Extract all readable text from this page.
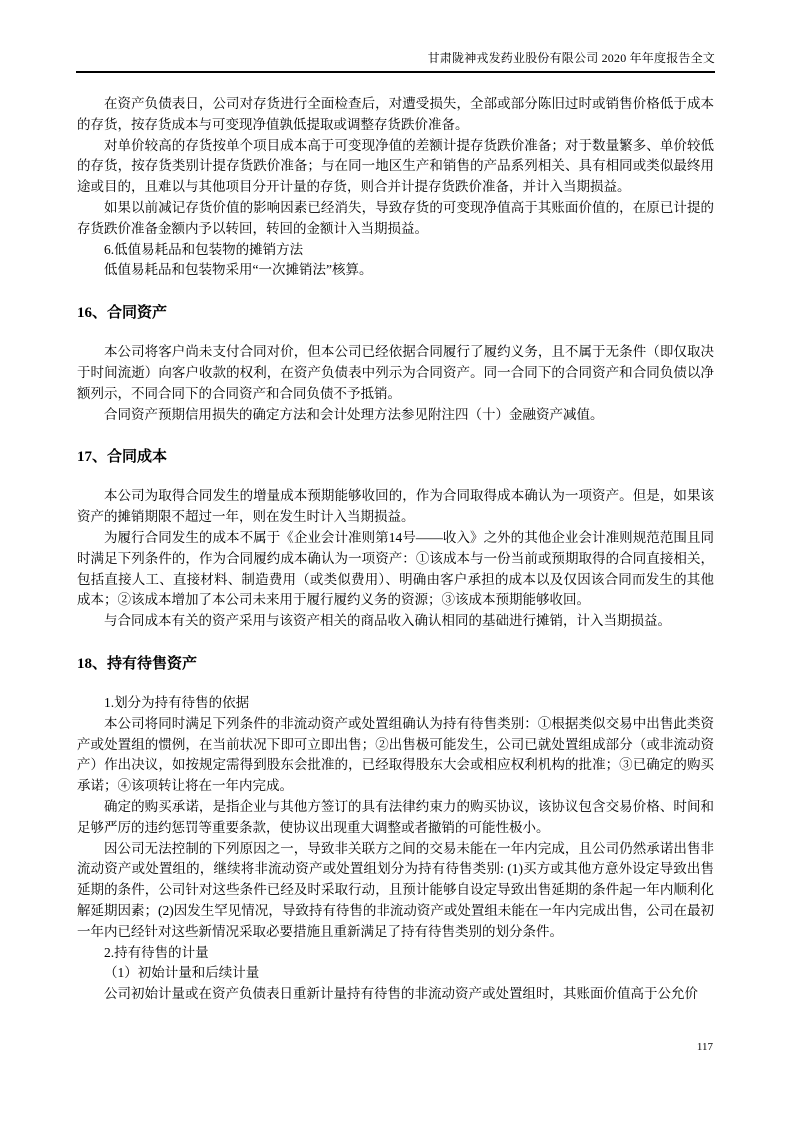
甘肃陇神戎发药业股份有限公司 2020 年年度报告全文

在资产负债表日，公司对存货进行全面检查后，对遭受损失，全部或部分陈旧过时或销售价格低于成本的存货，按存货成本与可变现净值孰低提取或调整存货跌价准备。

对单价较高的存货按单个项目成本高于可变现净值的差额计提存货跌价准备；对于数量繁多、单价较低的存货，按存货类别计提存货跌价准备；与在同一地区生产和销售的产品系列相关、具有相同或类似最终用途或目的，且难以与其他项目分开计量的存货，则合并计提存货跌价准备，并计入当期损益。

如果以前减记存货价值的影响因素已经消失，导致存货的可变现净值高于其账面价值的，在原已计提的存货跌价准备金额内予以转回，转回的金额计入当期损益。

6.低值易耗品和包装物的摊销方法

低值易耗品和包装物采用“一次摊销法”核算。

16、合同资产

本公司将客户尚未支付合同对价，但本公司已经依据合同履行了履约义务，且不属于无条件（即仅取决于时间流逝）向客户收款的权利，在资产负债表中列示为合同资产。同一合同下的合同资产和合同负债以净额列示，不同合同下的合同资产和合同负债不予抵销。

合同资产预期信用损失的确定方法和会计处理方法参见附注四（十）金融资产减值。

17、合同成本

本公司为取得合同发生的增量成本预期能够收回的，作为合同取得成本确认为一项资产。但是，如果该资产的摊销期限不超过一年，则在发生时计入当期损益。

为履行合同发生的成本不属于《企业会计准则第14号——收入》之外的其他企业会计准则规范范围且同时满足下列条件的，作为合同履约成本确认为一项资产：①该成本与一份当前或预期取得的合同直接相关，包括直接人工、直接材料、制造费用（或类似费用）、明确由客户承担的成本以及仅因该合同而发生的其他成本；②该成本增加了本公司未来用于履行履约义务的资源；③该成本预期能够收回。

与合同成本有关的资产采用与该资产相关的商品收入确认相同的基础进行摊销，计入当期损益。

18、持有待售资产

1.划分为持有待售的依据

本公司将同时满足下列条件的非流动资产或处置组确认为持有待售类别：①根据类似交易中出售此类资产或处置组的惯例，在当前状况下即可立即出售；②出售极可能发生，公司已就处置组成部分（或非流动资产）作出决议，如按规定需得到股东会批准的，已经取得股东大会或相应权利机构的批准；③已确定的购买承诺；④该项转让将在一年内完成。

确定的购买承诺，是指企业与其他方签订的具有法律约束力的购买协议，该协议包含交易价格、时间和足够严厉的违约惩罚等重要条款，使协议出现重大调整或者撤销的可能性极小。

因公司无法控制的下列原因之一，导致非关联方之间的交易未能在一年内完成，且公司仍然承诺出售非流动资产或处置组的，继续将非流动资产或处置组划分为持有待售类别: (1)买方或其他方意外设定导致出售延期的条件，公司针对这些条件已经及时采取行动，且预计能够自设定导致出售延期的条件起一年内顺利化解延期因素；(2)因发生罕见情况，导致持有待售的非流动资产或处置组未能在一年内完成出售，公司在最初一年内已经针对这些新情况采取必要措施且重新满足了持有待售类别的划分条件。

2.持有待售的计量

（1）初始计量和后续计量

公司初始计量或在资产负债表日重新计量持有待售的非流动资产或处置组时，其账面价值高于公允价

117
